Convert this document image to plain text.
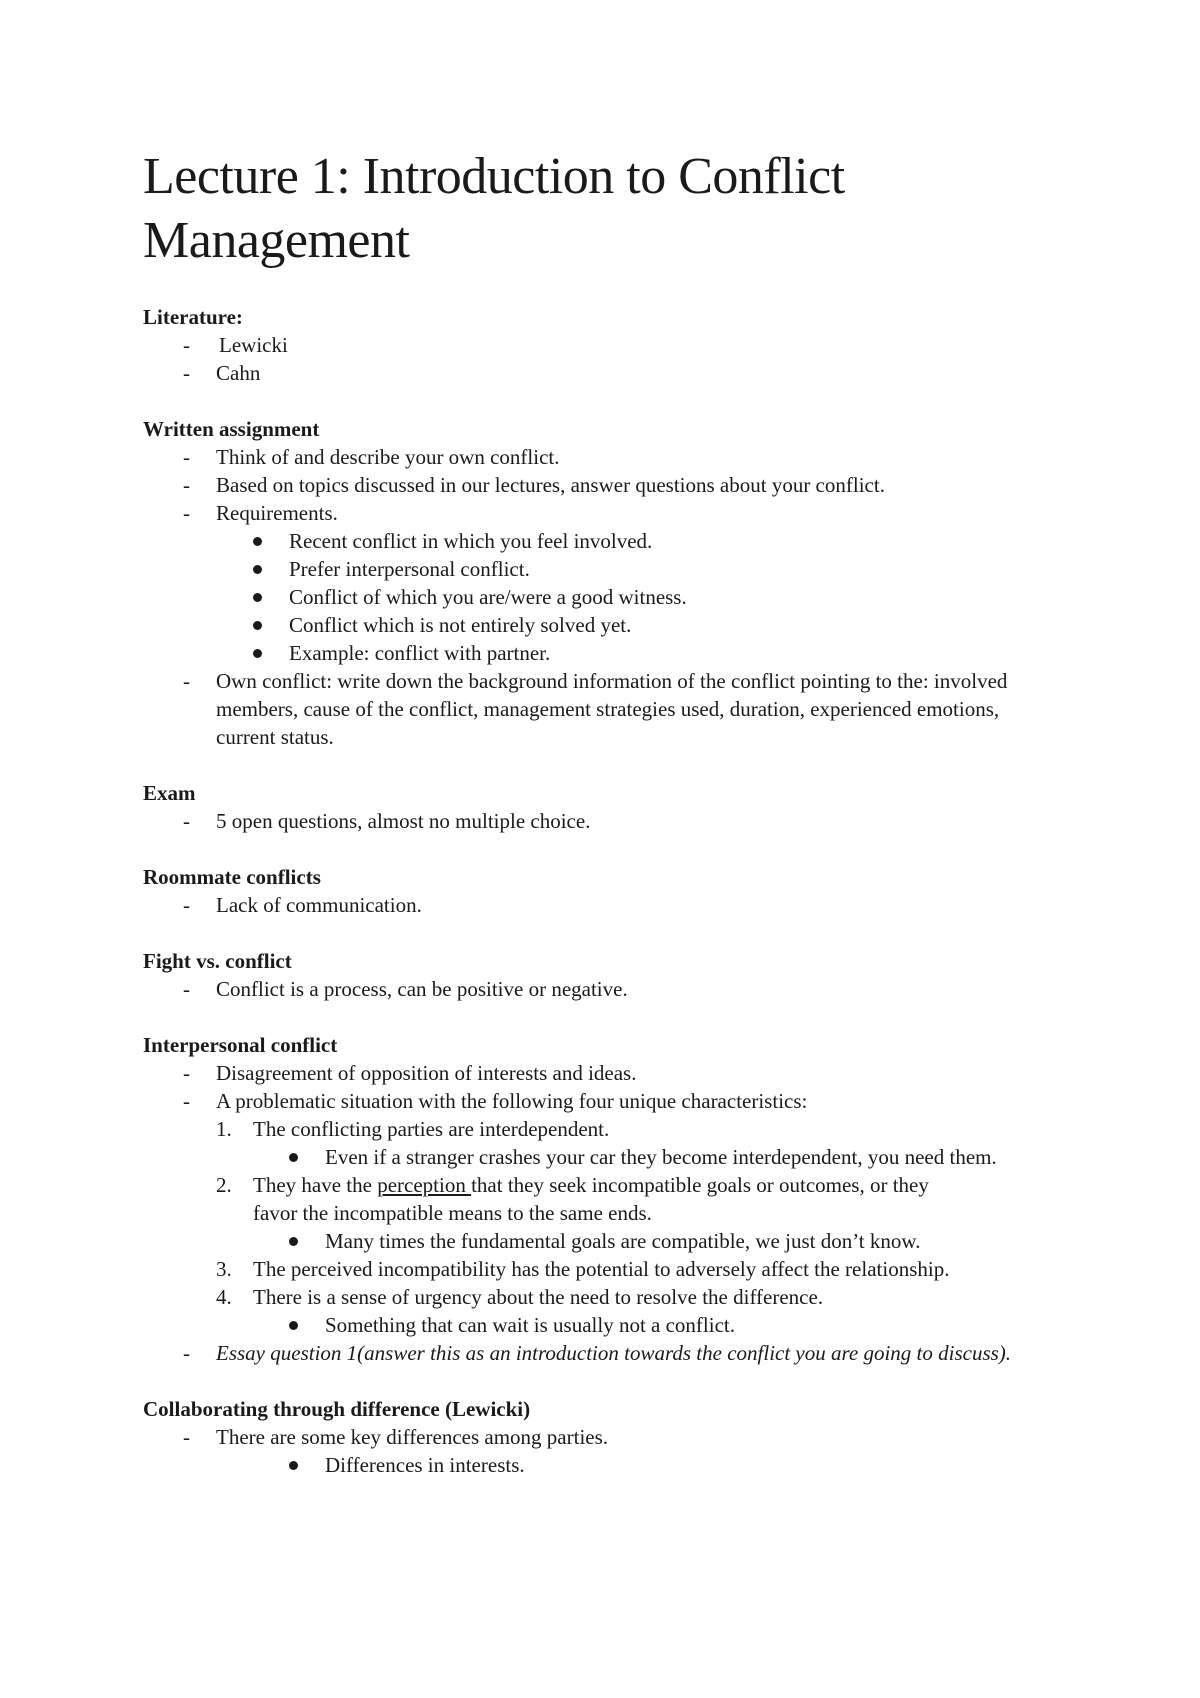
Lecture 1: Introduction to Conflict Management
Literature:
-	Lewicki
-	Cahn
Written assignment
-	Think of and describe your own conflict.
-	Based on topics discussed in our lectures, answer questions about your conflict.
-	Requirements.
Recent conflict in which you feel involved.
Prefer interpersonal conflict.
Conflict of which you are/were a good witness.
Conflict which is not entirely solved yet.
Example: conflict with partner.
-	Own conflict: write down the background information of the conflict pointing to the: involved members, cause of the conflict, management strategies used, duration, experienced emotions, current status.
Exam
-	5 open questions, almost no multiple choice.
Roommate conflicts
-	Lack of communication.
Fight vs. conflict
-	Conflict is a process, can be positive or negative.
Interpersonal conflict
-	Disagreement of opposition of interests and ideas.
-	A problematic situation with the following four unique characteristics:
1. The conflicting parties are interdependent.
Even if a stranger crashes your car they become interdependent, you need them.
2. They have the perception that they seek incompatible goals or outcomes, or they favor the incompatible means to the same ends.
Many times the fundamental goals are compatible, we just don’t know.
3. The perceived incompatibility has the potential to adversely affect the relationship.
4. There is a sense of urgency about the need to resolve the difference.
Something that can wait is usually not a conflict.
-	Essay question 1(answer this as an introduction towards the conflict you are going to discuss).
Collaborating through difference (Lewicki)
-	There are some key differences among parties.
Differences in interests.
